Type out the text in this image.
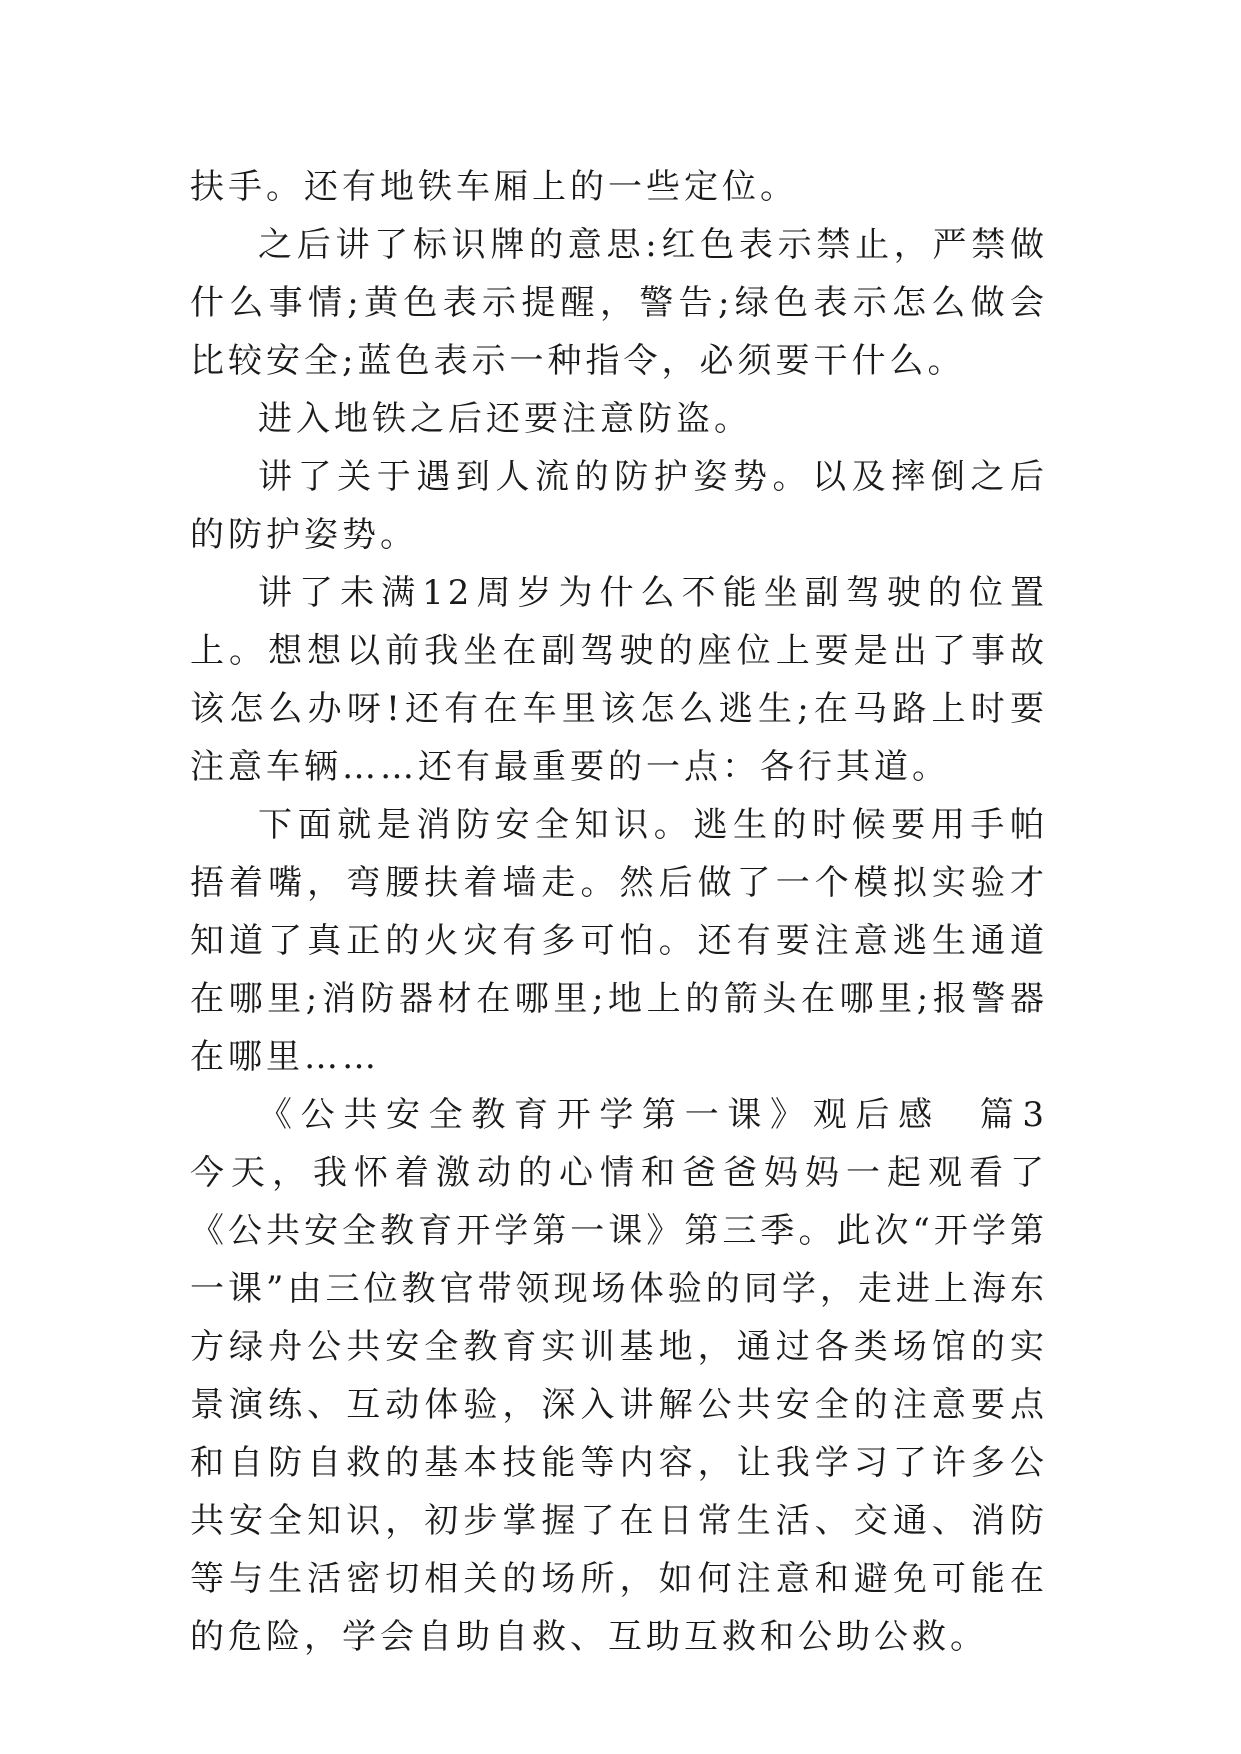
扶手。还有地铁车厢上的一些定位。

之后讲了标识牌的意思:红色表示禁止，严禁做什么事情;黄色表示提醒，警告;绿色表示怎么做会比较安全;蓝色表示一种指令，必须要干什么。

进入地铁之后还要注意防盗。

讲了关于遇到人流的防护姿势。以及摔倒之后的防护姿势。

讲了未满12周岁为什么不能坐副驾驶的位置上。想想以前我坐在副驾驶的座位上要是出了事故该怎么办呀!还有在车里该怎么逃生;在马路上时要注意车辆……还有最重要的一点：各行其道。

下面就是消防安全知识。逃生的时候要用手帕捂着嘴，弯腰扶着墙走。然后做了一个模拟实验才知道了真正的火灾有多可怕。还有要注意逃生通道在哪里;消防器材在哪里;地上的箭头在哪里;报警器在哪里……

《公共安全教育开学第一课》观后感  篇3        今天，我怀着激动的心情和爸爸妈妈一起观看了《公共安全教育开学第一课》第三季。此次“开学第一课”由三位教官带领现场体验的同学，走进上海东方绿舟公共安全教育实训基地，通过各类场馆的实景演练、互动体验，深入讲解公共安全的注意要点和自防自救的基本技能等内容，让我学习了许多公共安全知识，初步掌握了在日常生活、交通、消防等与生活密切相关的场所，如何注意和避免可能在的危险，学会自助自救、互助互救和公助公救。
